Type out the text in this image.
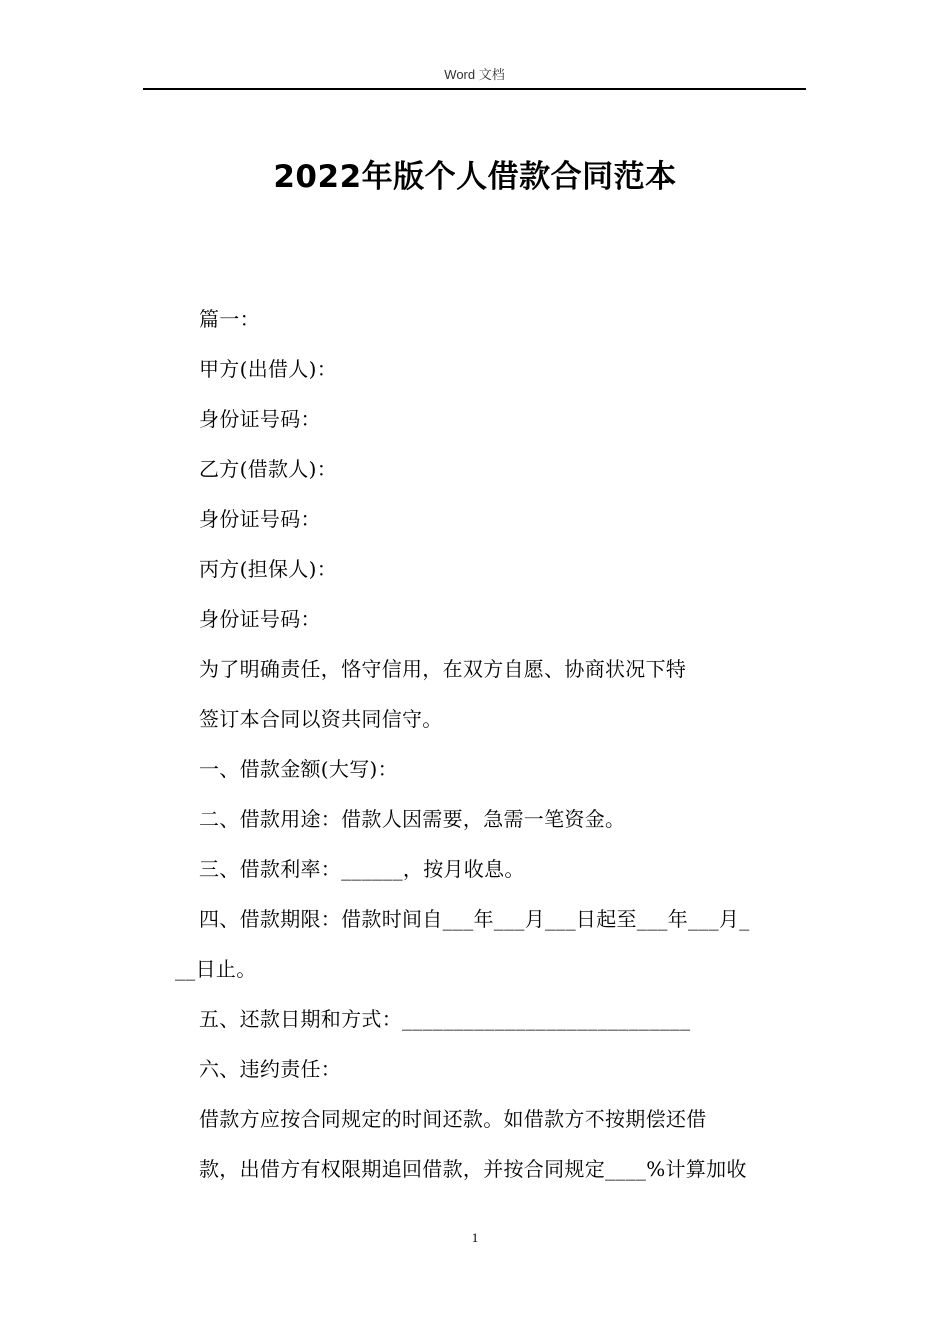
Word 文档
2022年版个人借款合同范本
篇一：
甲方(出借人)：
身份证号码：
乙方(借款人)：
身份证号码：
丙方(担保人)：
身份证号码：
为了明确责任，恪守信用，在双方自愿、协商状况下特
签订本合同以资共同信守。
一、借款金额(大写)：
二、借款用途：借款人因需要，急需一笔资金。
三、借款利率：______，按月收息。
四、借款期限：借款时间自___年___月___日起至___年___月_
__日止。
五、还款日期和方式：____________________________
六、违约责任：
借款方应按合同规定的时间还款。如借款方不按期偿还借
款，出借方有权限期追回借款，并按合同规定____%计算加收
1
